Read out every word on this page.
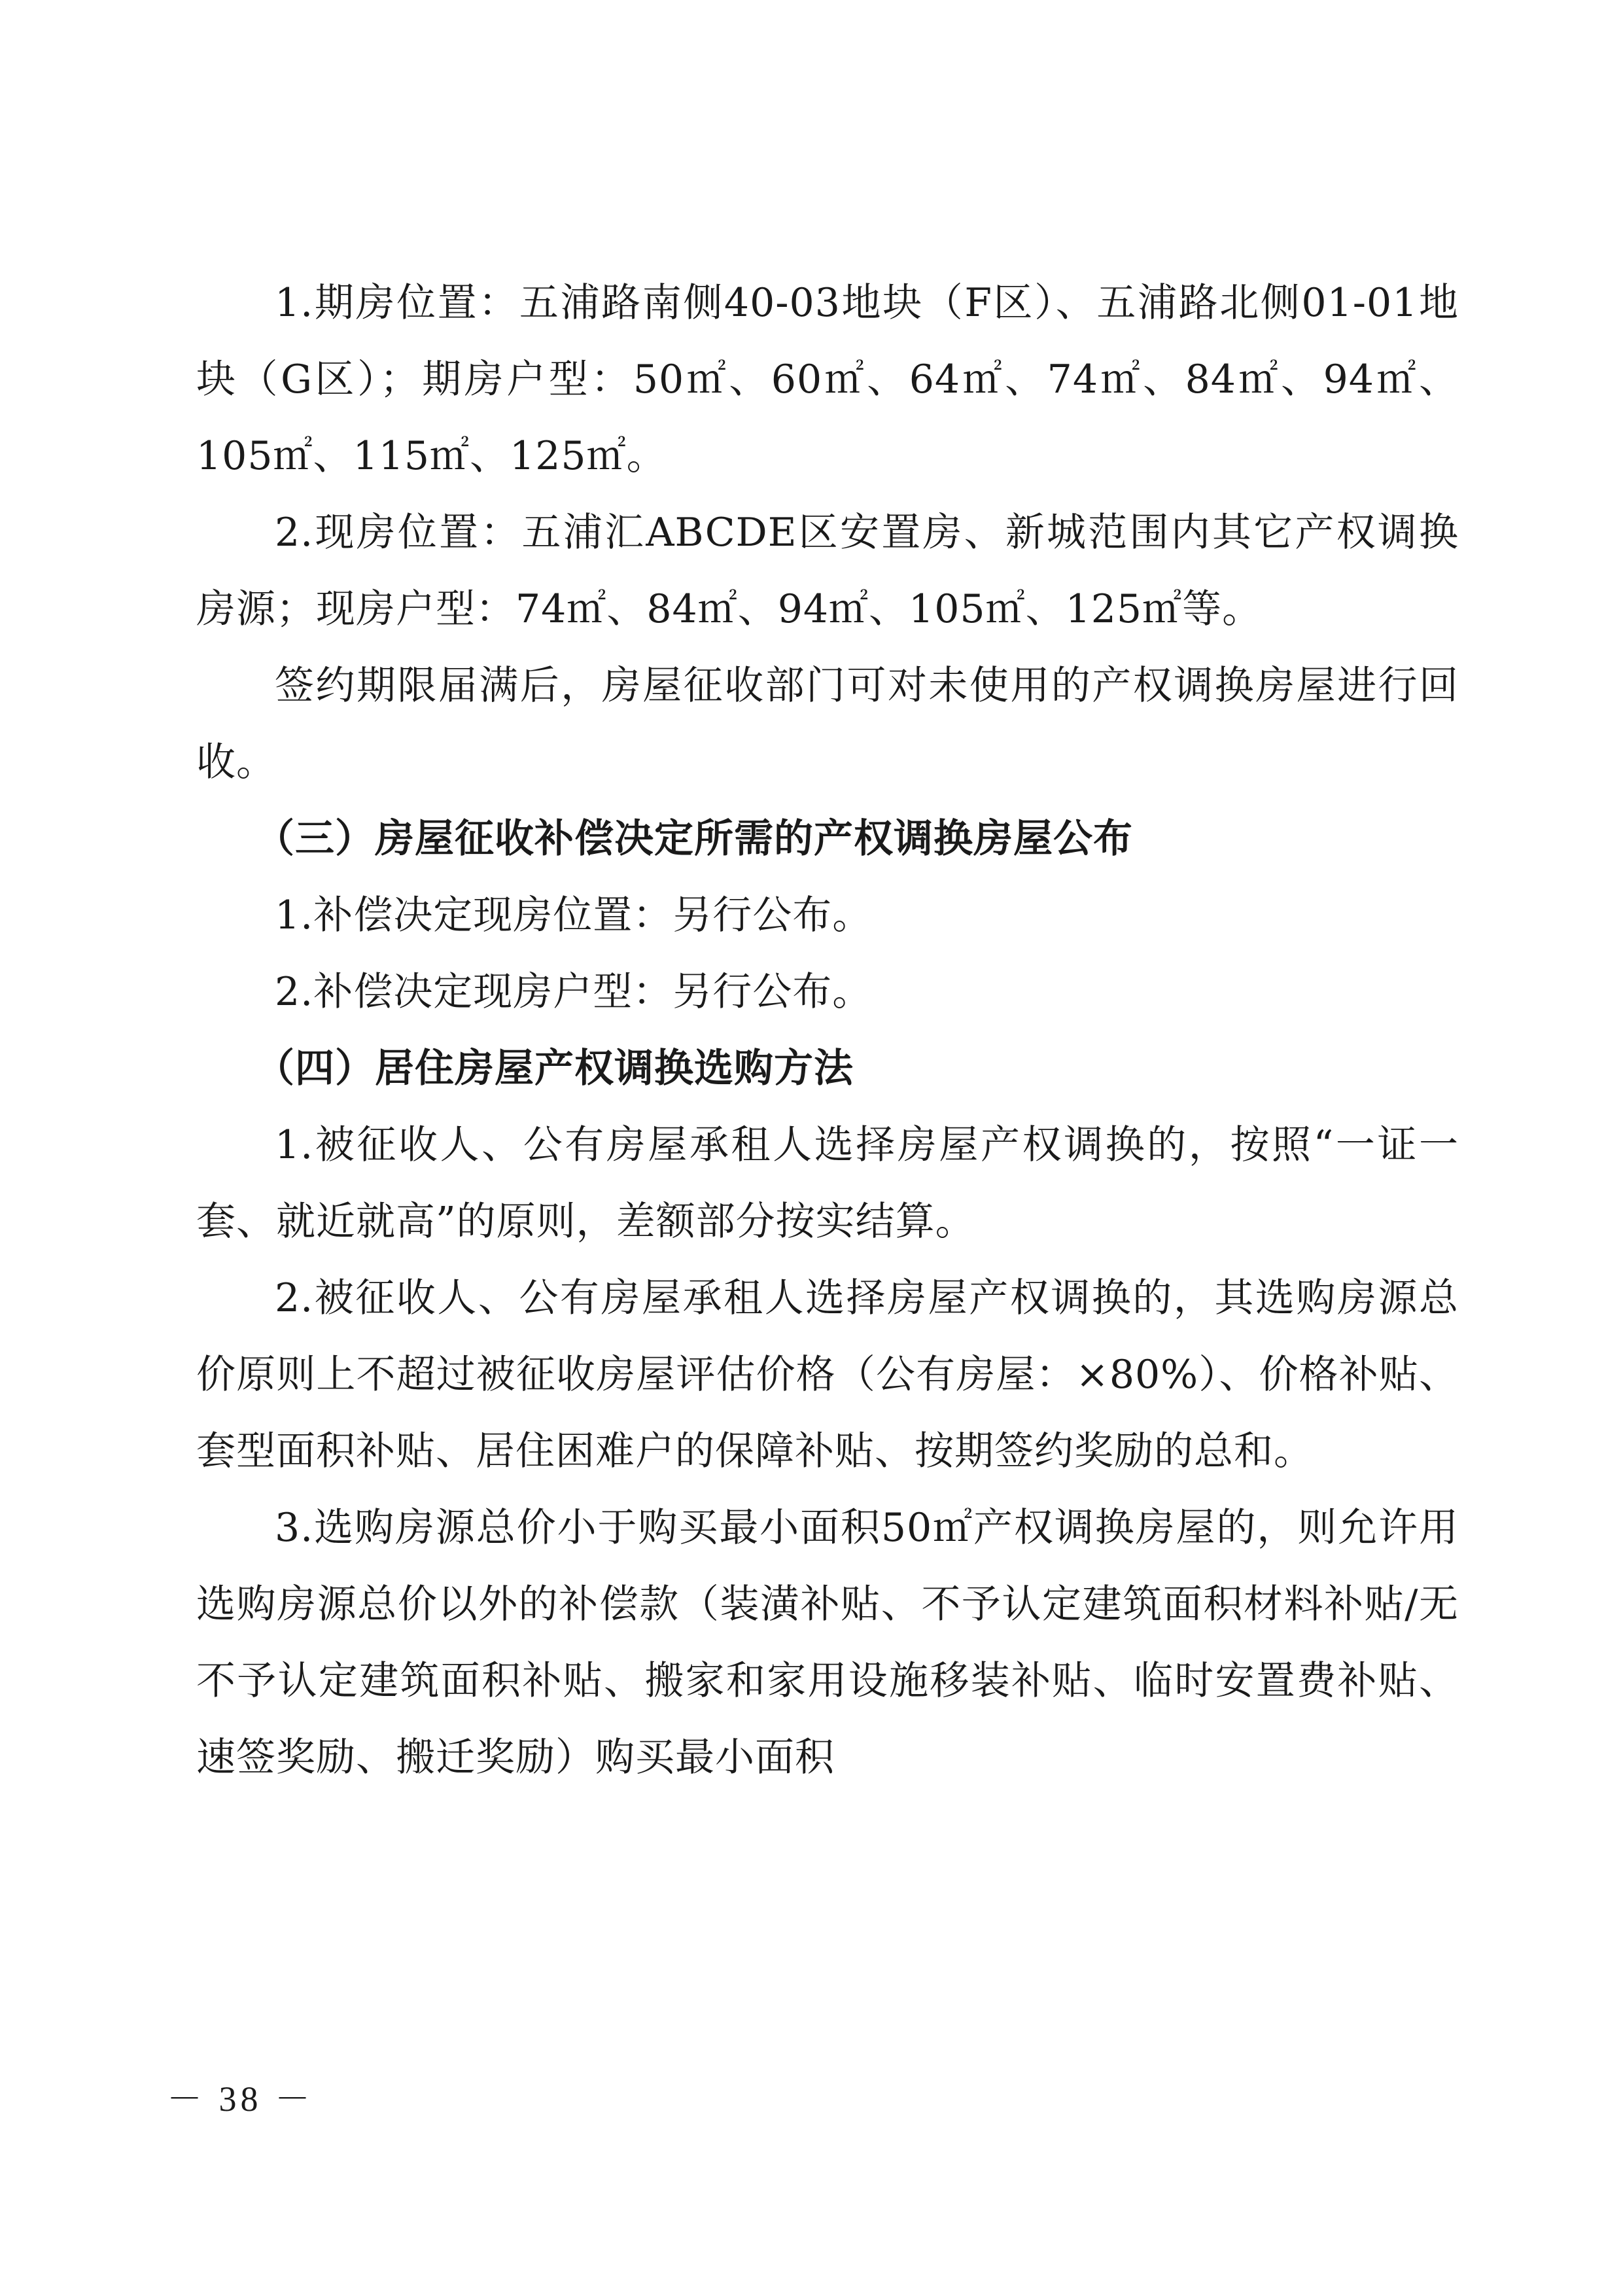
1.期房位置：五浦路南侧40-03地块（F区）、五浦路北侧01-01地块（G区）；期房户型：50㎡、60㎡、64㎡、74㎡、84㎡、94㎡、105㎡、115㎡、125㎡。

2.现房位置：五浦汇ABCDE区安置房、新城范围内其它产权调换房源；现房户型：74㎡、84㎡、94㎡、105㎡、125㎡等。

签约期限届满后，房屋征收部门可对未使用的产权调换房屋进行回收。

（三）房屋征收补偿决定所需的产权调换房屋公布

1.补偿决定现房位置：另行公布。

2.补偿决定现房户型：另行公布。

（四）居住房屋产权调换选购方法

1.被征收人、公有房屋承租人选择房屋产权调换的，按照“一证一套、就近就高”的原则，差额部分按实结算。

2.被征收人、公有房屋承租人选择房屋产权调换的，其选购房源总价原则上不超过被征收房屋评估价格（公有房屋：×80%）、价格补贴、套型面积补贴、居住困难户的保障补贴、按期签约奖励的总和。

3.选购房源总价小于购买最小面积50㎡产权调换房屋的，则允许用选购房源总价以外的补偿款（装潢补贴、不予认定建筑面积材料补贴/无不予认定建筑面积补贴、搬家和家用设施移装补贴、临时安置费补贴、速签奖励、搬迁奖励）购买最小面积

－ 38 －
